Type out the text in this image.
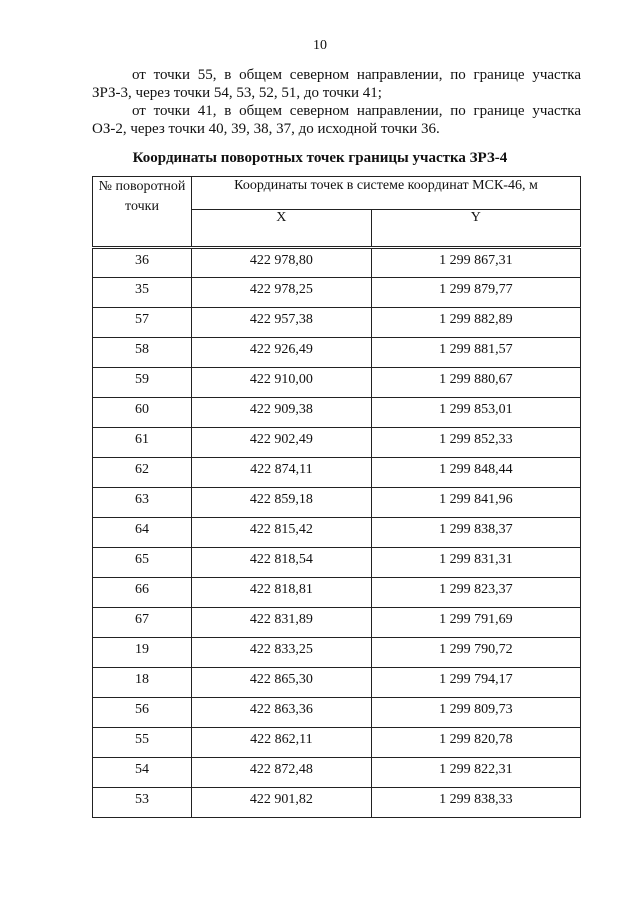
10
от точки 55, в общем северном направлении, по границе участка
ЗРЗ-3, через точки 54, 53, 52, 51, до точки 41;
от точки 41, в общем северном направлении, по границе участка
ОЗ-2, через точки 40, 39, 38, 37, до исходной точки 36.
Координаты поворотных точек границы участка ЗРЗ-4
№ поворотной точки	Координаты точек в системе координат МСК-46, м	
	X	Y
36	422 978,80	1 299 867,31
35	422 978,25	1 299 879,77
57	422 957,38	1 299 882,89
58	422 926,49	1 299 881,57
59	422 910,00	1 299 880,67
60	422 909,38	1 299 853,01
61	422 902,49	1 299 852,33
62	422 874,11	1 299 848,44
63	422 859,18	1 299 841,96
64	422 815,42	1 299 838,37
65	422 818,54	1 299 831,31
66	422 818,81	1 299 823,37
67	422 831,89	1 299 791,69
19	422 833,25	1 299 790,72
18	422 865,30	1 299 794,17
56	422 863,36	1 299 809,73
55	422 862,11	1 299 820,78
54	422 872,48	1 299 822,31
53	422 901,82	1 299 838,33
